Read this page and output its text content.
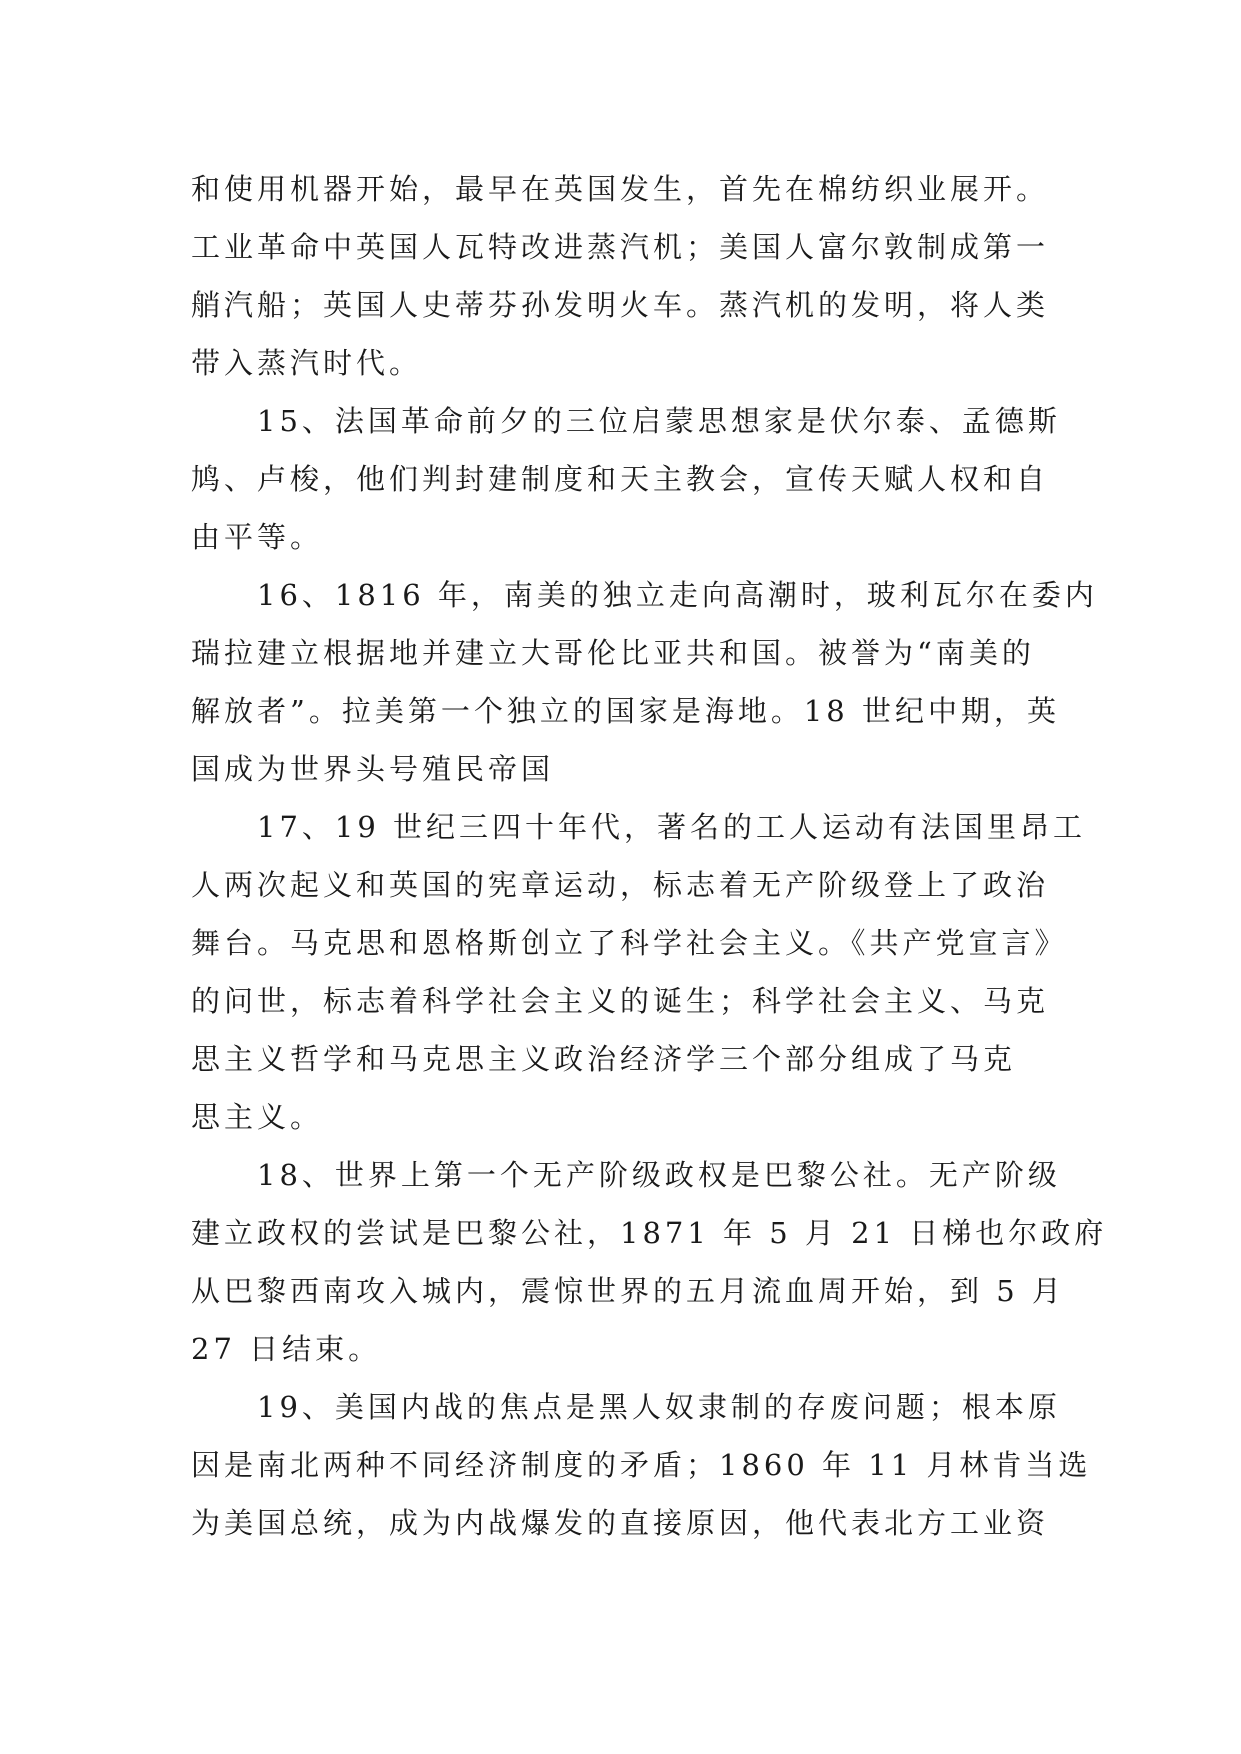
和使用机器开始，最早在英国发生，首先在棉纺织业展开。
工业革命中英国人瓦特改进蒸汽机；美国人富尔敦制成第一
艄汽船；英国人史蒂芬孙发明火车。蒸汽机的发明，将人类
带入蒸汽时代。

15、法国革命前夕的三位启蒙思想家是伏尔泰、孟德斯
鸠、卢梭，他们判封建制度和天主教会，宣传天赋人权和自
由平等。

16、1816 年，南美的独立走向高潮时，玻利瓦尔在委内
瑞拉建立根据地并建立大哥伦比亚共和国。被誉为“南美的
解放者”。拉美第一个独立的国家是海地。18 世纪中期，英
国成为世界头号殖民帝国

17、19 世纪三四十年代，著名的工人运动有法国里昂工
人两次起义和英国的宪章运动，标志着无产阶级登上了政治
舞台。马克思和恩格斯创立了科学社会主义。《共产党宣言》
的问世，标志着科学社会主义的诞生；科学社会主义、马克
思主义哲学和马克思主义政治经济学三个部分组成了马克
思主义。

18、世界上第一个无产阶级政权是巴黎公社。无产阶级
建立政权的尝试是巴黎公社，1871 年 5 月 21 日梯也尔政府
从巴黎西南攻入城内，震惊世界的五月流血周开始，到 5 月
27 日结束。

19、美国内战的焦点是黑人奴隶制的存废问题；根本原
因是南北两种不同经济制度的矛盾；1860 年 11 月林肯当选
为美国总统，成为内战爆发的直接原因，他代表北方工业资
